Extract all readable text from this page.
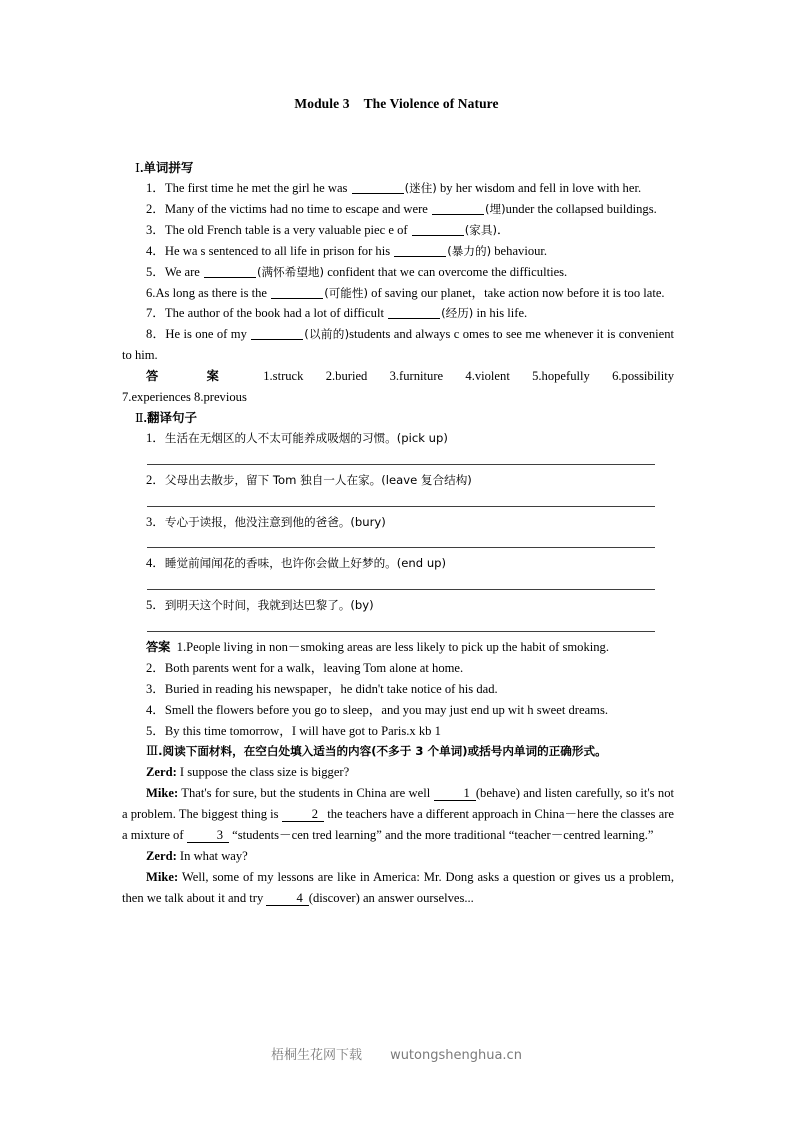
Module 3 The Violence of Nature
Ⅰ.单词拼写

1．The first time he met the girl he was	(迷住) by her wisdom and fell in love with her.

2．Many of the victims had no time to escape and were	(埋)under the collapsed buildings.

3．The old French table is a very valuable piec e of	(家具)．

4．He wa s sentenced to all life in prison for his	(暴力的) behaviour.

5．We are	(满怀希望地) confident that we can overcome the difficulties.

6.As long as there is the	(可能性) of saving our planet，take action now before it is too late.

7．The author of the book had a lot of difficult	(经历) in his life.

8．He is one of my	(以前的)students and always c omes to see me whenever it is convenient to him.

答 案 1.struck 2.buried 3.furniture 4.violent 5.hopefully 6.possibility

7.experiences 8.previous

Ⅱ.翻译句子

1．生活在无烟区的人不太可能养成吸烟的习惯。(pick up)

2．父母出去散步，留下 Tom 独自一人在家。(leave 复合结构)

3．专心于读报，他没注意到他的爸爸。(bury)

4．睡觉前闻闻花的香味，也许你会做上好梦的。(end up)

5．到明天这个时间，我就到达巴黎了。(by)

答案 1.People living in non－smoking areas are less likely to pick up the habit of smoking.

2．Both parents went for a walk，leaving Tom alone at home.

3．Buried in reading his newspaper，he didn't take notice of his dad.

4．Smell the flowers before you go to sleep，and you may just end up wit h sweet dreams.

5．By this time tomorrow，I will have got to Paris.x kb 1

Ⅲ.阅读下面材料，在空白处填入适当的内容(不多于 3 个单词)或括号内单词的正确形式。

Zerd: I suppose the class size is bigger?

Mike: That's for sure, but the students in China are well 1 (behave) and listen carefully, so it's not a problem. The biggest thing is 2 the teachers have a different approach in China－here the classes are a mixture of 3 “students－cen tred learning” and the more traditional “teacher－centred learning.”

Zerd: In what way?

Mike: Well, some of my lessons are like in America: Mr. Dong asks a question or gives us a problem, then we talk about it and try 4 (discover) an answer ourselves...

梧桐生花网下载 wutongshenghua.cn
